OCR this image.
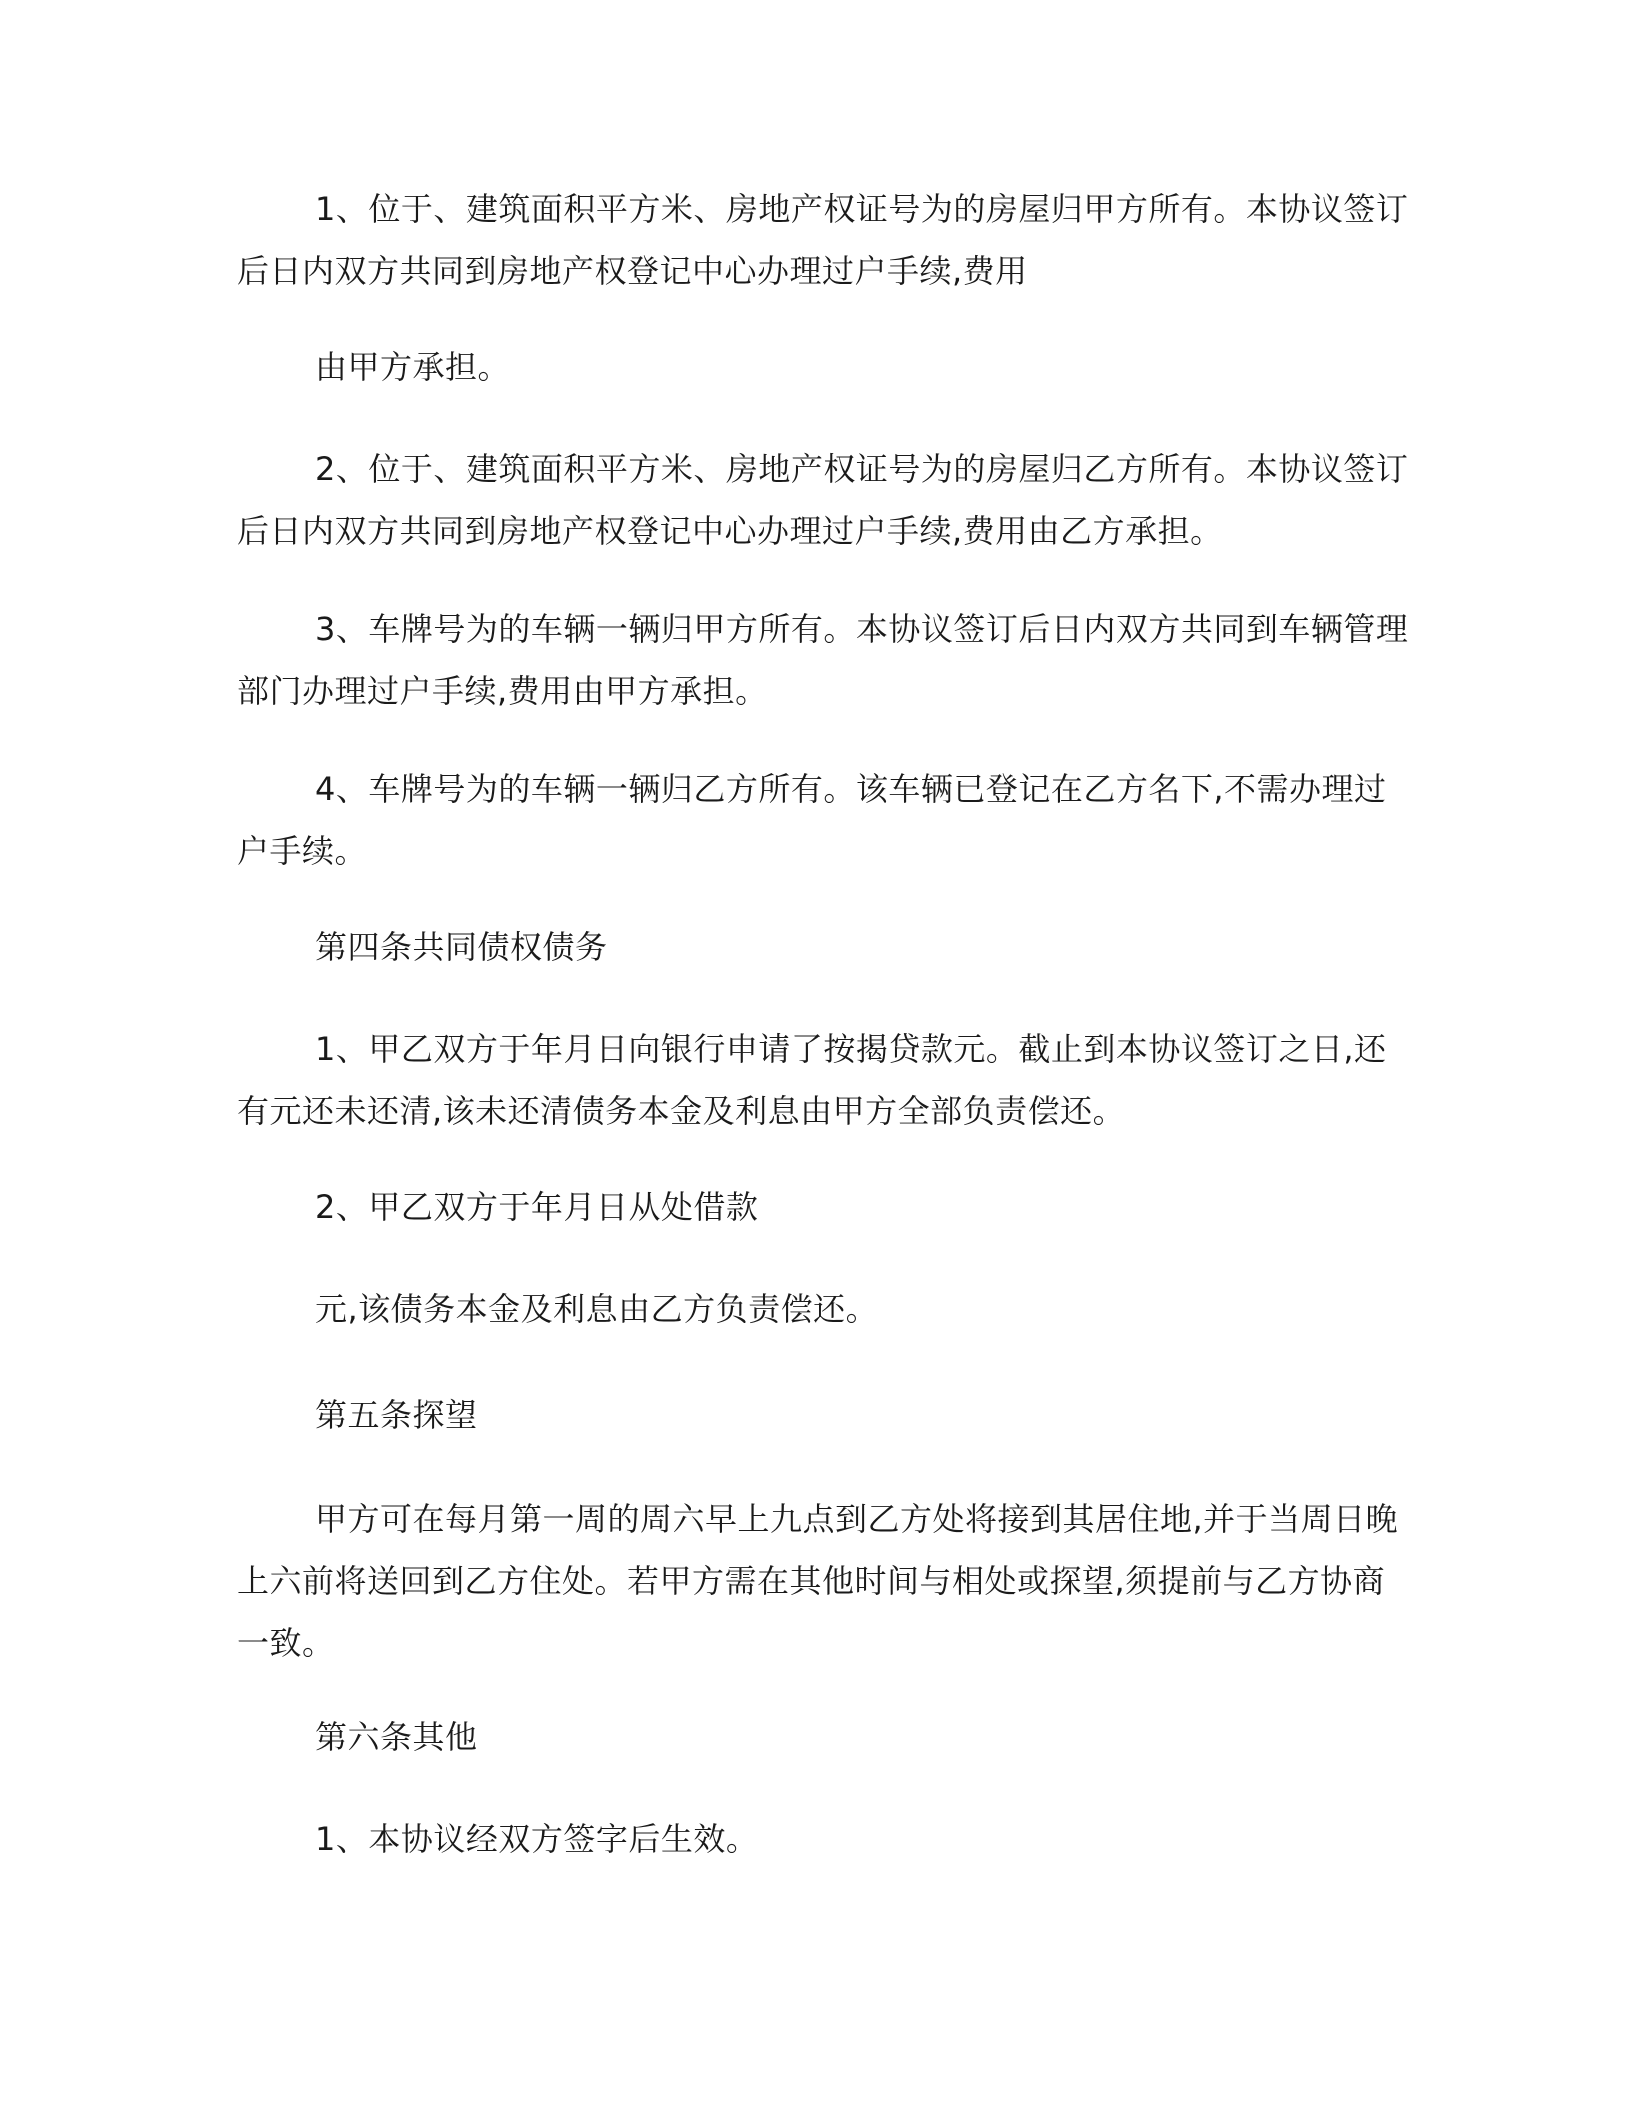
1、位于、建筑面积平方米、房地产权证号为的房屋归甲方所有。本协议签订
后日内双方共同到房地产权登记中心办理过户手续,费用
由甲方承担。
2、位于、建筑面积平方米、房地产权证号为的房屋归乙方所有。本协议签订
后日内双方共同到房地产权登记中心办理过户手续,费用由乙方承担。
3、车牌号为的车辆一辆归甲方所有。本协议签订后日内双方共同到车辆管理
部门办理过户手续,费用由甲方承担。
4、车牌号为的车辆一辆归乙方所有。该车辆已登记在乙方名下,不需办理过
户手续。
第四条共同债权债务
1、甲乙双方于年月日向银行申请了按揭贷款元。截止到本协议签订之日,还
有元还未还清,该未还清债务本金及利息由甲方全部负责偿还。
2、甲乙双方于年月日从处借款
元,该债务本金及利息由乙方负责偿还。
第五条探望
甲方可在每月第一周的周六早上九点到乙方处将接到其居住地,并于当周日晚
上六前将送回到乙方住处。若甲方需在其他时间与相处或探望,须提前与乙方协商
一致。
第六条其他
1、本协议经双方签字后生效。
